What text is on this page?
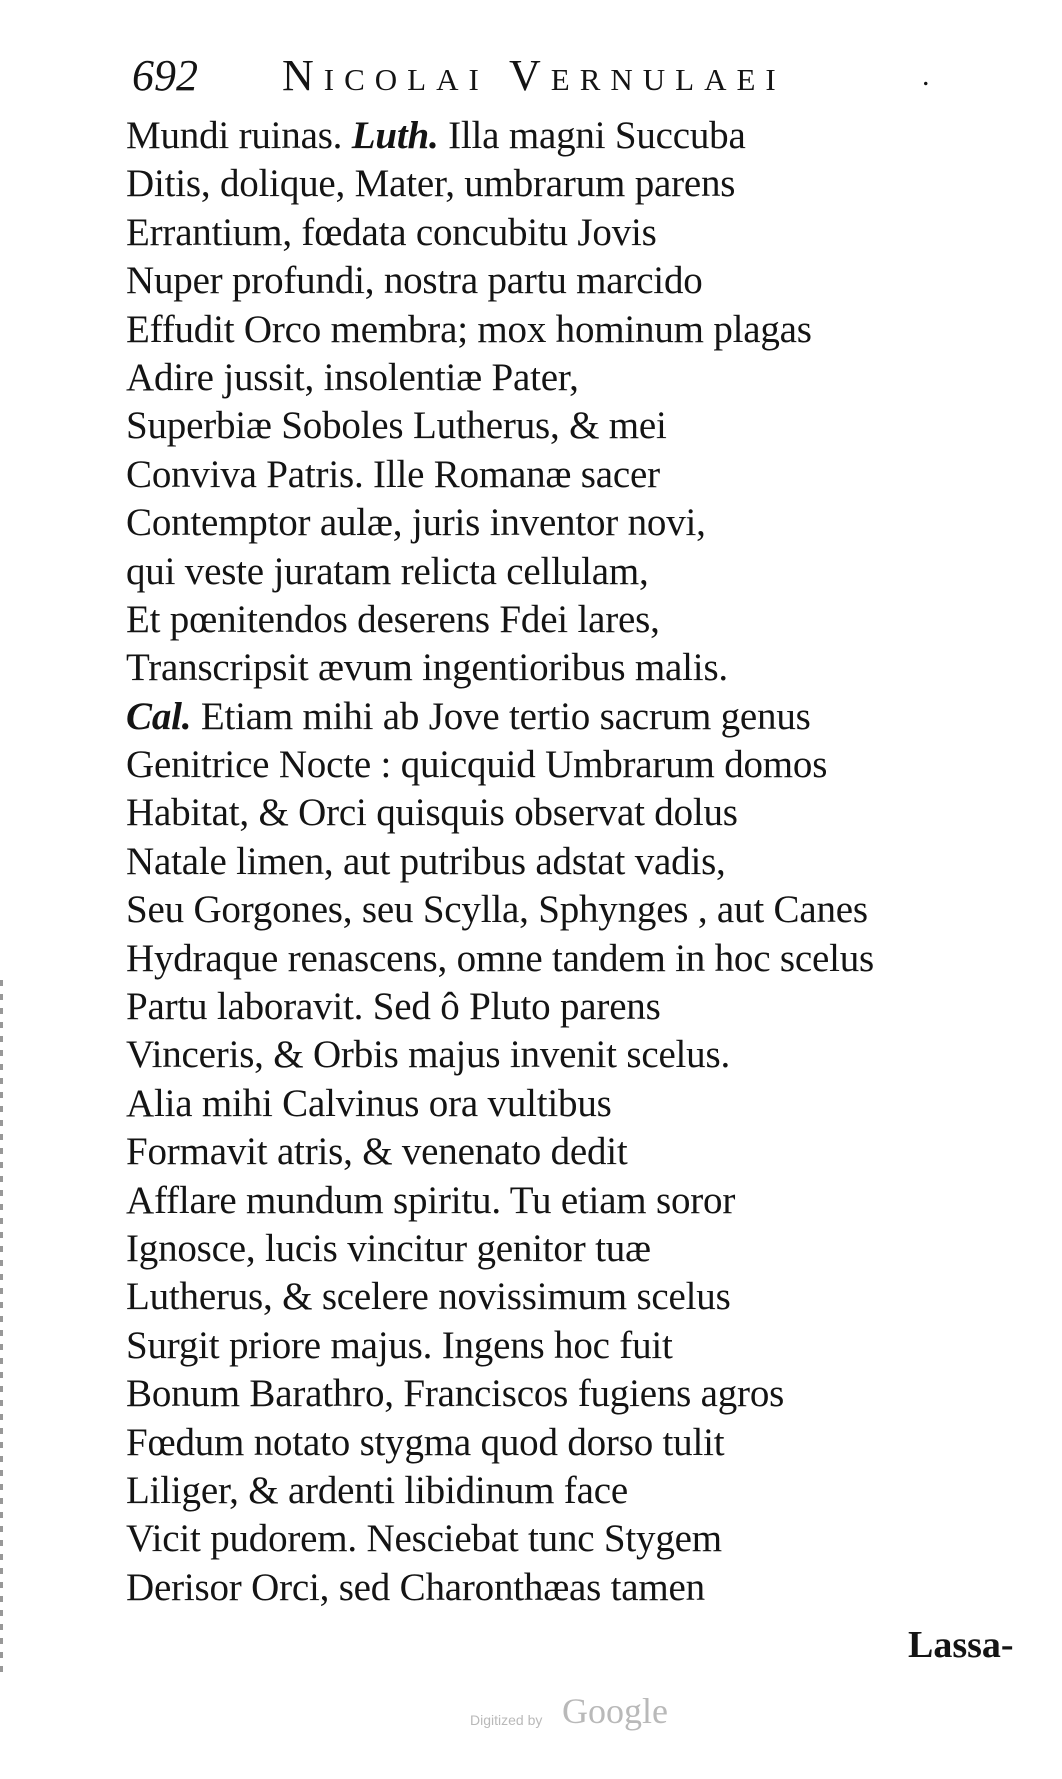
692 Nicolai Vernulaei	.
Mundi ruinas. Luth. Illa magni Succuba
Ditis, dolique, Mater, umbrarum parens
Errantium, fœdata concubitu Jovis
Nuper profundi, nostra partu marcido
Effudit Orco membra; mox hominum plagas
Adire jussit, insolentiæ Pater,
Superbiæ Soboles Lutherus, & mei
Conviva Patris. Ille Romanæ sacer
Contemptor aulæ, juris inventor novi,
qui veste juratam relicta cellulam,
Et pœnitendos deserens Fdei lares,
Transcripsit ævum ingentioribus malis.
Cal. Etiam mihi ab Jove tertio sacrum genus
Genitrice Nocte : quicquid Umbrarum domos
Habitat, & Orci quisquis observat dolus
Natale limen, aut putribus adstat vadis,
Seu Gorgones, seu Scylla, Sphynges , aut Canes
Hydraque renascens, omne tandem in hoc scelus
Partu laboravit. Sed ô Pluto parens
Vinceris, & Orbis majus invenit scelus.
Alia mihi Calvinus ora vultibus
Formavit atris, & venenato dedit
Afflare mundum spiritu. Tu etiam soror
Ignosce, lucis vincitur genitor tuæ
Lutherus, & scelere novissimum scelus
Surgit priore majus. Ingens hoc fuit
Bonum Barathro, Franciscos fugiens agros
Fœdum notato stygma quod dorso tulit
Liliger, & ardenti libidinum face
Vicit pudorem. Nesciebat tunc Stygem
Derisor Orci, sed Charonthæas tamen
Lassa-
Digitized by Google
